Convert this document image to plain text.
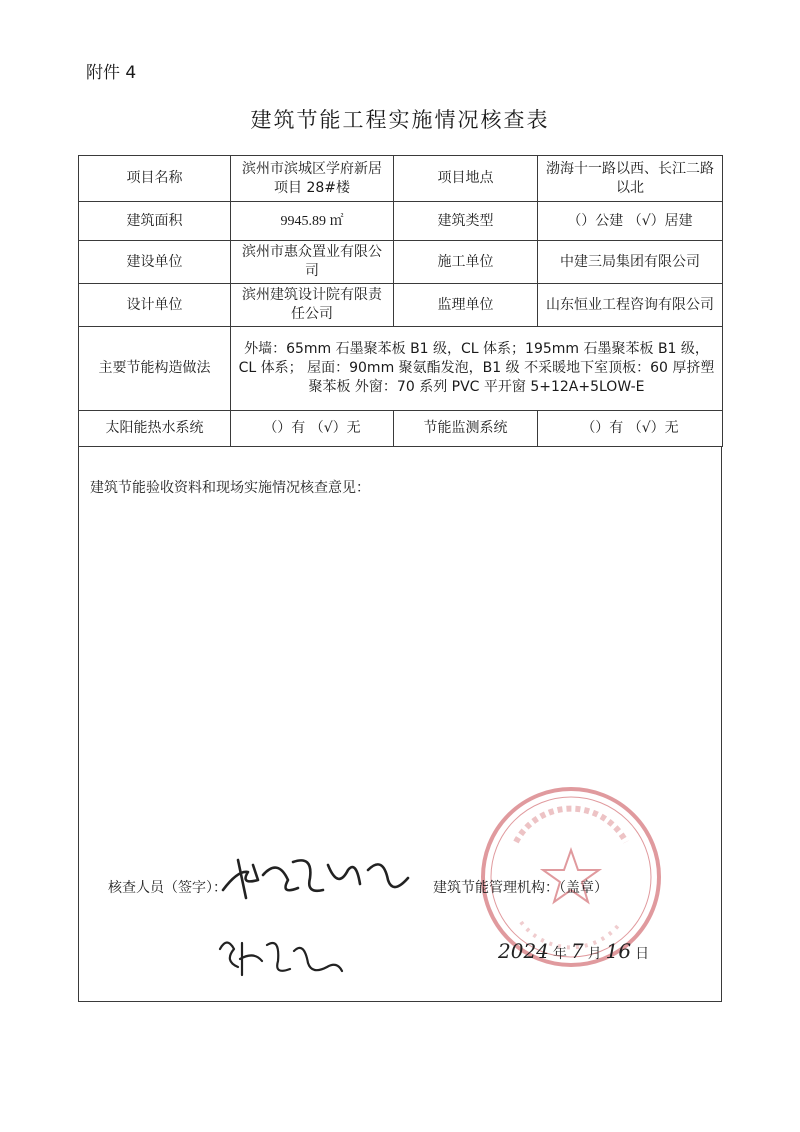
附件 4
建筑节能工程实施情况核查表
项目名称	滨州市滨城区学府新居项目 28#楼	项目地点	渤海十一路以西、长江二路以北
建筑面积	9945.89 ㎡	建筑类型	（）公建 （√）居建
建设单位	滨州市惠众置业有限公司	施工单位	中建三局集团有限公司
设计单位	滨州建筑设计院有限责任公司	监理单位	山东恒业工程咨询有限公司
主要节能构造做法	外墙：65mm 石墨聚苯板 B1 级，CL 体系；195mm 石墨聚苯板 B1 级，CL 体系； 屋面：90mm 聚氨酯发泡，B1 级 不采暖地下室顶板：60 厚挤塑聚苯板 外窗：70 系列 PVC 平开窗 5+12A+5LOW-E		
太阳能热水系统	（）有 （√）无	节能监测系统	（）有 （√）无
建筑节能验收资料和现场实施情况核查意见：
核查人员（签字）：	建筑节能管理机构：（盖章）
2024 年 7 月 16 日
